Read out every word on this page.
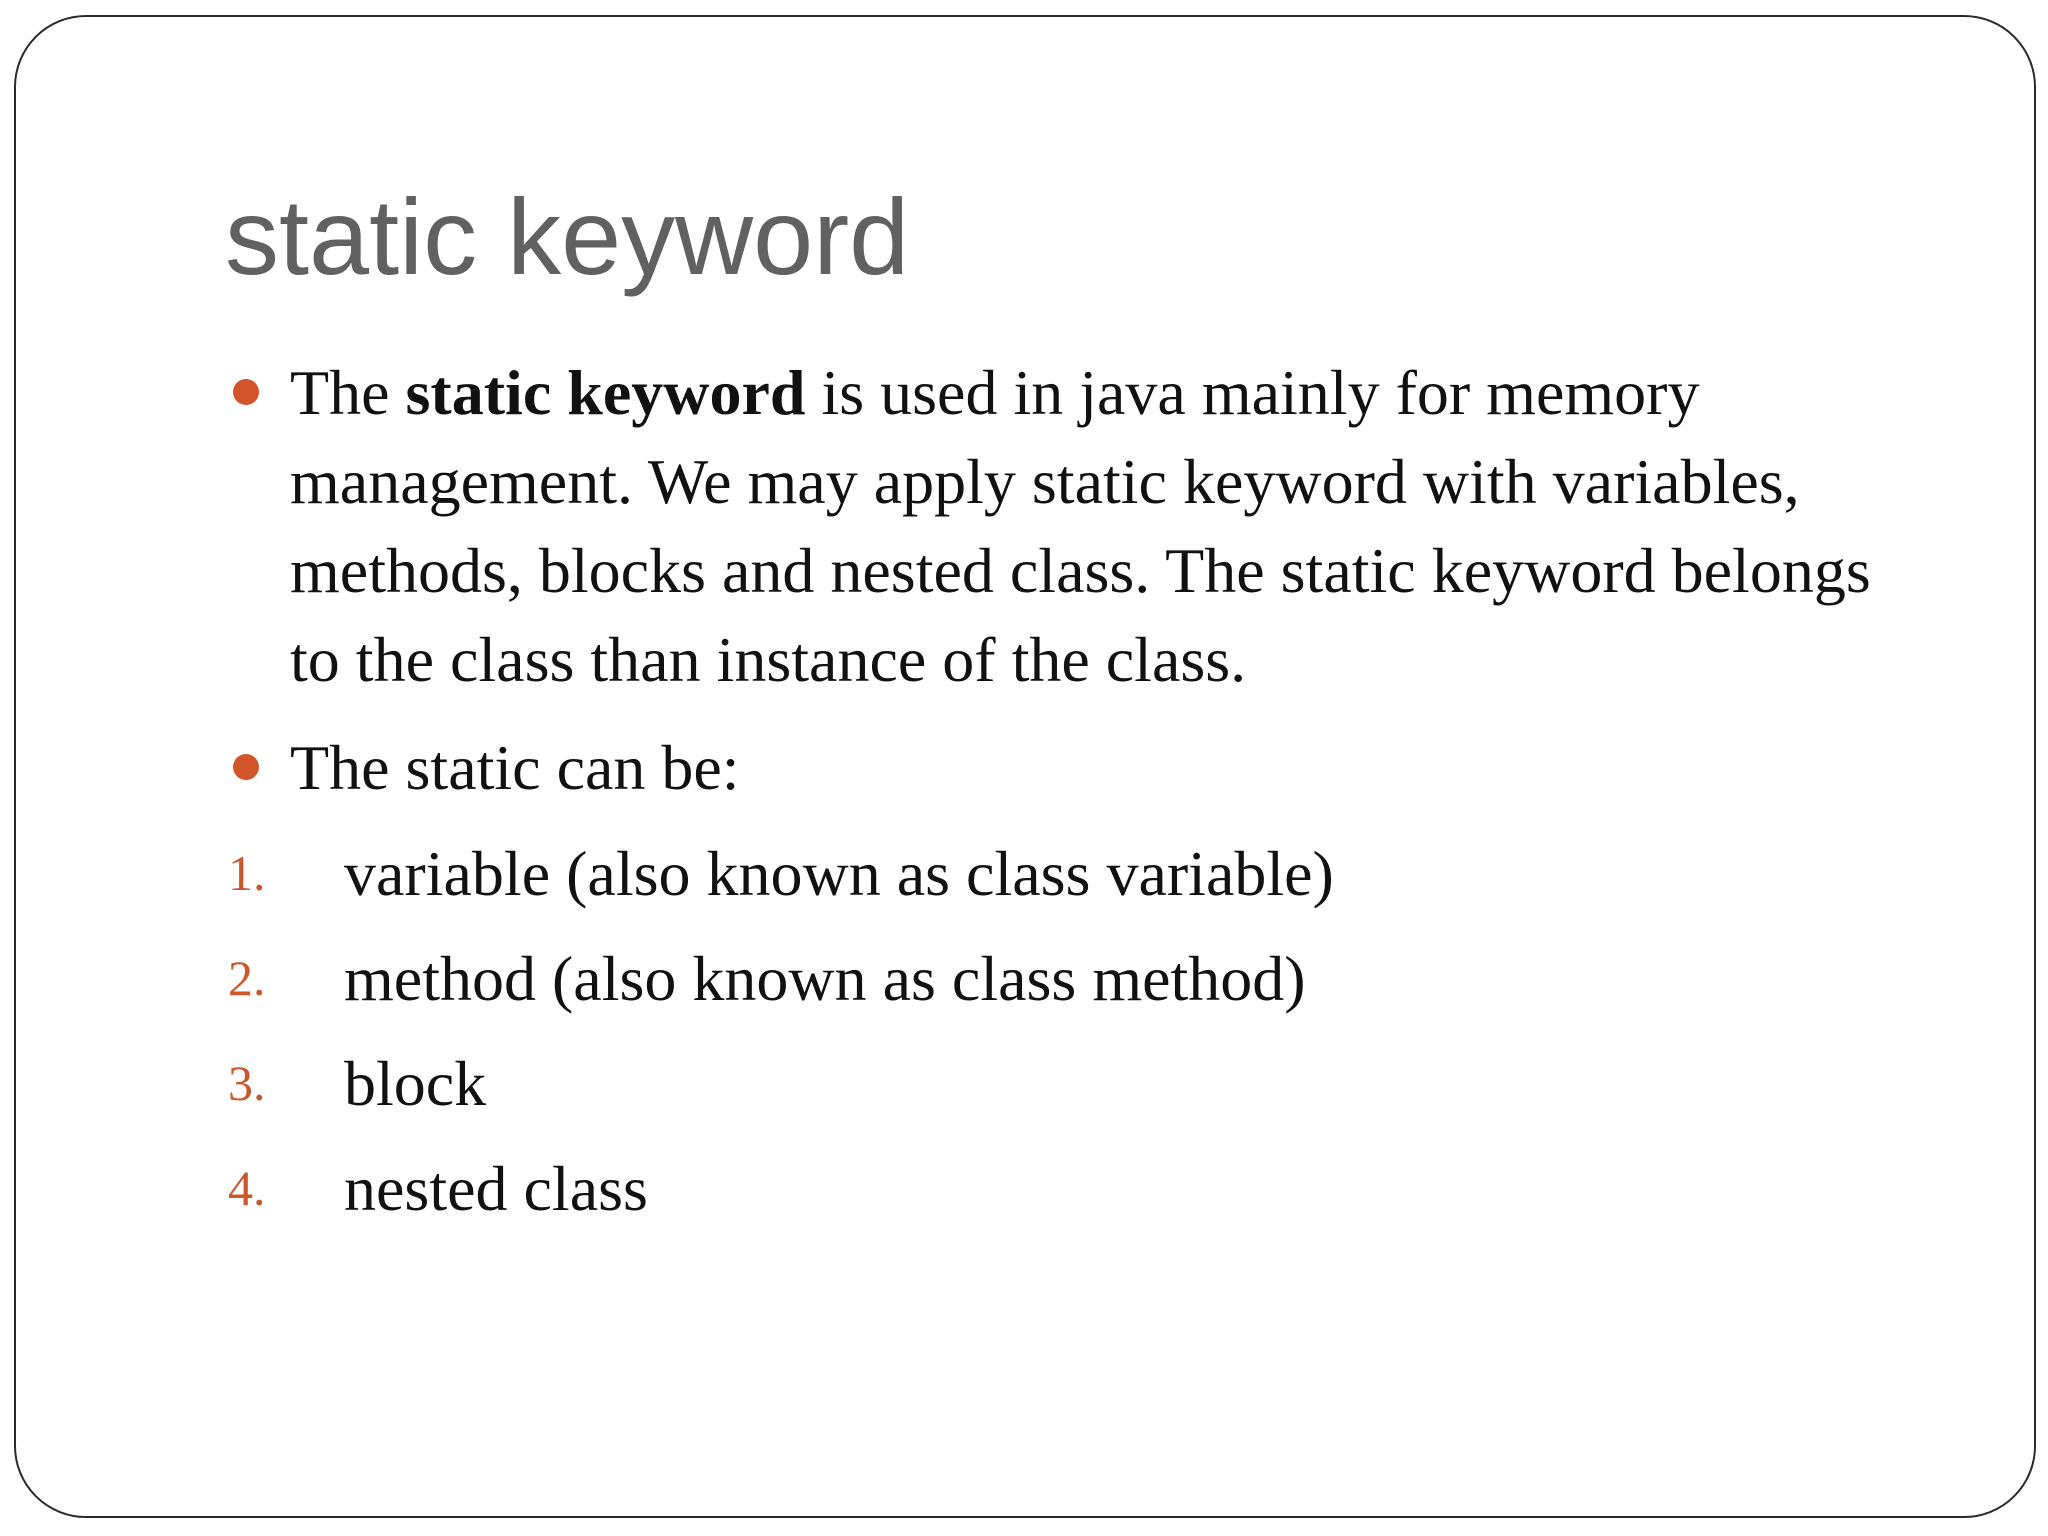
static keyword
The static keyword is used in java mainly for memory
management. We may apply static keyword with variables,
methods, blocks and nested class. The static keyword belongs
to the class than instance of the class.
The static can be:
1. variable (also known as class variable)
2. method (also known as class method)
3. block
4. nested class
